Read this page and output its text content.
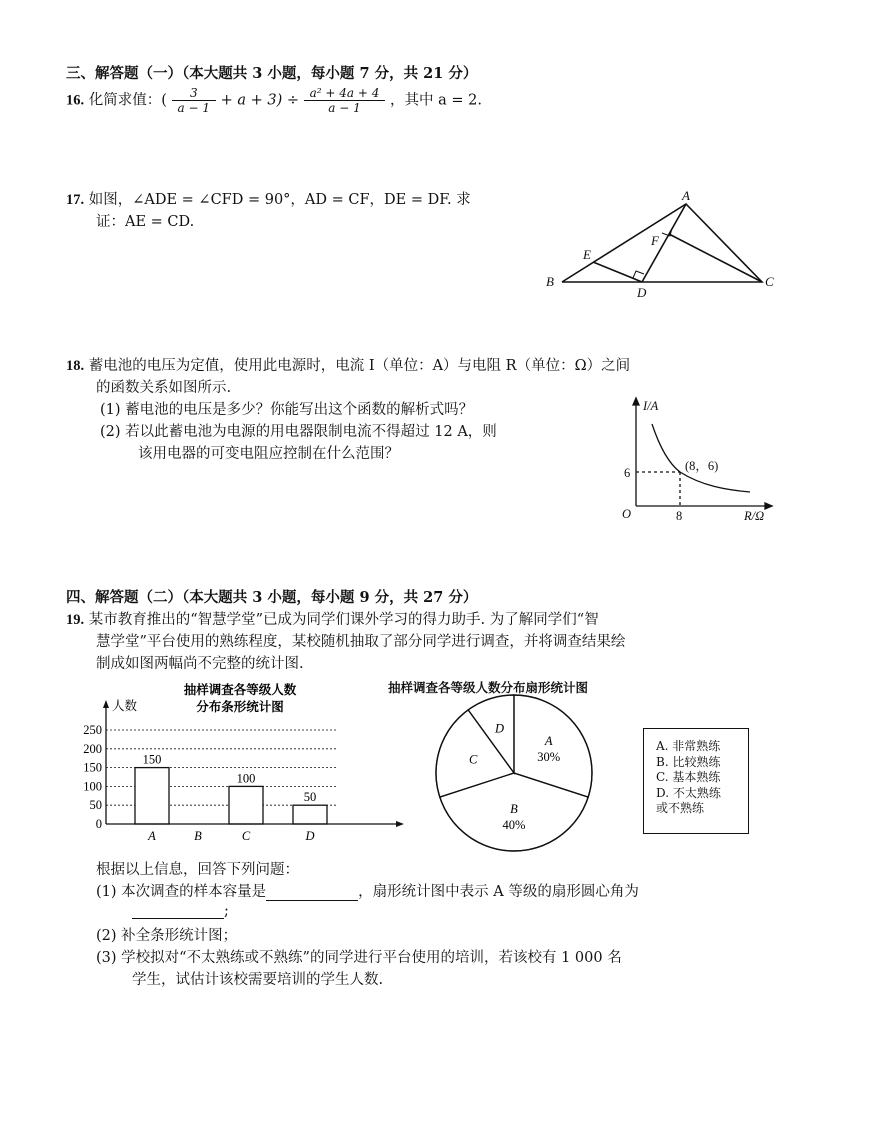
三、解答题（一）（本大题共 3 小题，每小题 7 分，共 21 分）
16. 化简求值：( $\frac{3}{a - 1} + a + 3) \div \frac{\text{a² + 4a + 4}}{a - 1}$ ，其中 a = 2.
17. 如图，∠ADE = ∠CFD = 90°，AD = CF，DE = DF. 求
证：AE = CD.
A
B	C
D
E
F
18. 蓄电池的电压为定值，使用此电源时，电流 I（单位：A）与电阻 R（单位：Ω）之间
的函数关系如图所示.
(1) 蓄电池的电压是多少？你能写出这个函数的解析式吗？
(2) 若以此蓄电池为电源的用电器限制电流不得超过 12 A，则
该用电器的可变电阻应控制在什么范围？
I/A
R/Ω
O
6
8
(8，6)
四、解答题（二）（本大题共 3 小题，每小题 9 分，共 27 分）
19. 某市教育推出的“智慧学堂”已成为同学们课外学习的得力助手. 为了解同学们“智
慧学堂”平台使用的熟练程度，某校随机抽取了部分同学进行调查，并将调查结果绘
制成如图两幅尚不完整的统计图.
抽样调查各等级人数
分布条形统计图
人数
0
50
100
150
200
250
150
A	B
100
C
50
D
抽样调查各等级人数分布扇形统计图
A
30%
B
40%
C
D
A. 非常熟练
B. 比较熟练
C. 基本熟练
D. 不太熟练
或不熟练
根据以上信息，回答下列问题：
(1) 本次调查的样本容量是	，扇形统计图中表示 A 等级的扇形圆心角为
;
(2) 补全条形统计图；
(3) 学校拟对“不太熟练或不熟练”的同学进行平台使用的培训，若该校有 1 000 名
学生，试估计该校需要培训的学生人数.
